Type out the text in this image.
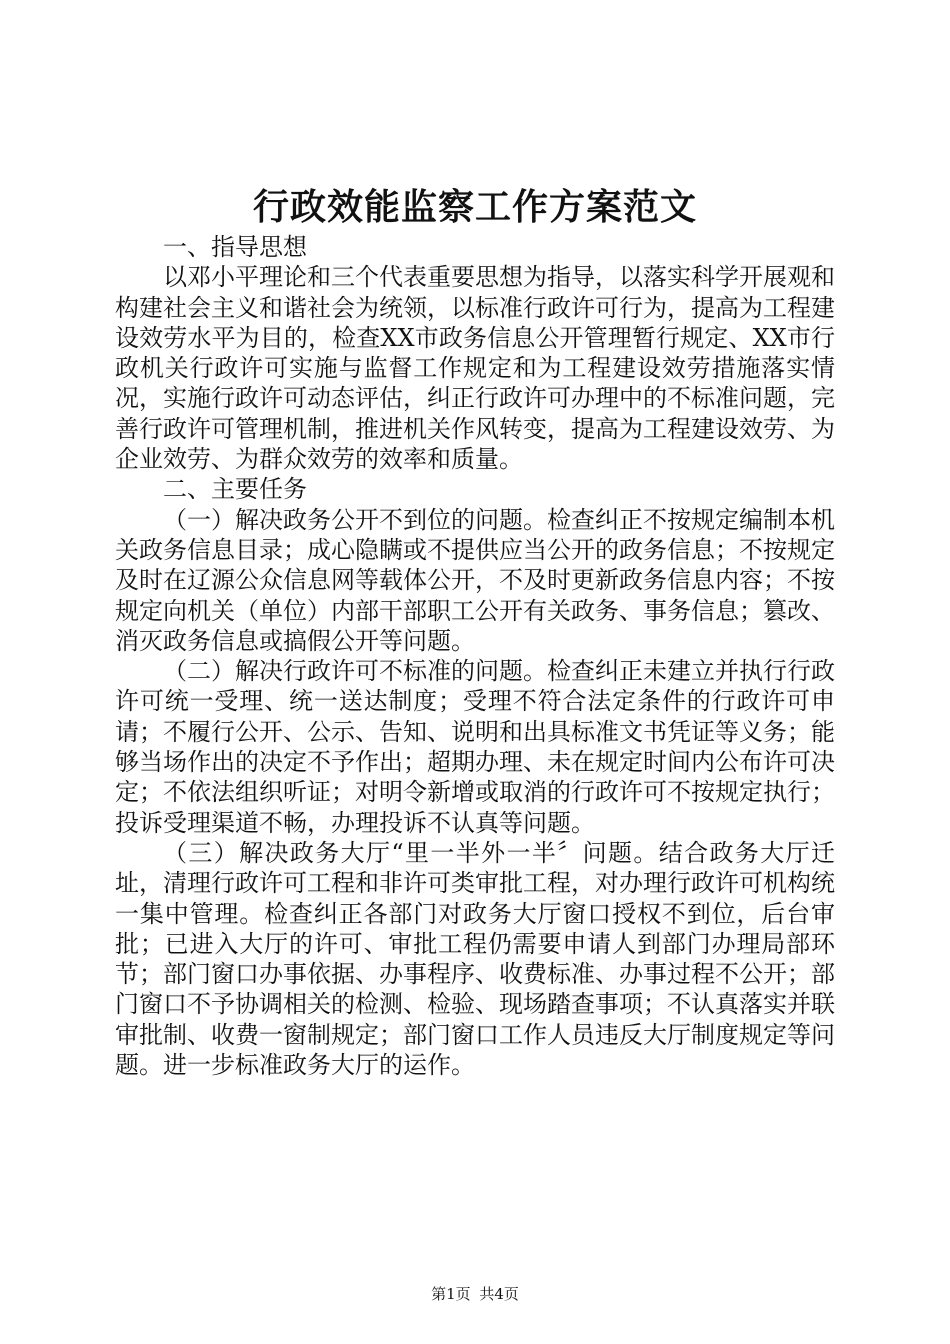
行政效能监察工作方案范文

一、指导思想

以邓小平理论和三个代表重要思想为指导，以落实科学开展观和构建社会主义和谐社会为统领，以标准行政许可行为，提高为工程建设效劳水平为目的，检查XX市政务信息公开管理暂行规定、XX市行政机关行政许可实施与监督工作规定和为工程建设效劳措施落实情况，实施行政许可动态评估，纠正行政许可办理中的不标准问题，完善行政许可管理机制，推进机关作风转变，提高为工程建设效劳、为企业效劳、为群众效劳的效率和质量。

二、主要任务

（一）解决政务公开不到位的问题。检查纠正不按规定编制本机关政务信息目录；成心隐瞒或不提供应当公开的政务信息；不按规定及时在辽源公众信息网等载体公开，不及时更新政务信息内容；不按规定向机关（单位）内部干部职工公开有关政务、事务信息；篡改、消灭政务信息或搞假公开等问题。

（二）解决行政许可不标准的问题。检查纠正未建立并执行行政许可统一受理、统一送达制度；受理不符合法定条件的行政许可申请；不履行公开、公示、告知、说明和出具标准文书凭证等义务；能够当场作出的决定不予作出；超期办理、未在规定时间内公布许可决定；不依法组织听证；对明令新增或取消的行政许可不按规定执行；投诉受理渠道不畅，办理投诉不认真等问题。

（三）解决政务大厅“里一半外一半〞问题。结合政务大厅迁址，清理行政许可工程和非许可类审批工程，对办理行政许可机构统一集中管理。检查纠正各部门对政务大厅窗口授权不到位，后台审批；已进入大厅的许可、审批工程仍需要申请人到部门办理局部环节；部门窗口办事依据、办事程序、收费标准、办事过程不公开；部门窗口不予协调相关的检测、检验、现场踏查事项；不认真落实并联审批制、收费一窗制规定；部门窗口工作人员违反大厅制度规定等问题。进一步标准政务大厅的运作。

第1页 共4页
